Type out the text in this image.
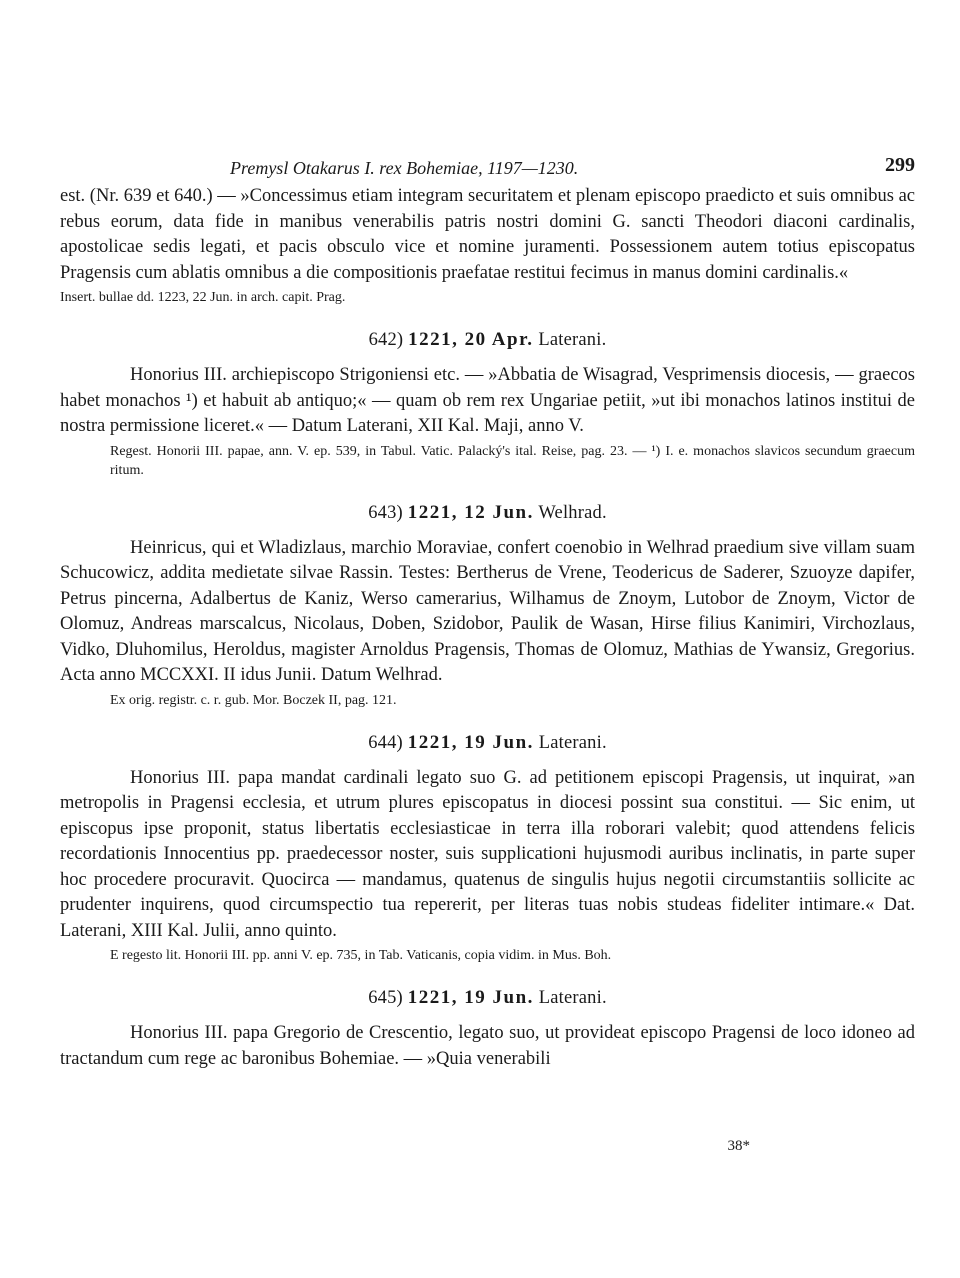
Premysl Otakarus I. rex Bohemiae, 1197—1230.	299

est. (Nr. 639 et 640.) — »Concessimus etiam integram securitatem et plenam episcopo praedicto et suis omnibus ac rebus eorum, data fide in manibus venerabilis patris nostri domini G. sancti Theodori diaconi cardinalis, apostolicae sedis legati, et pacis obsculo vice et nomine juramenti. Possessionem autem totius episcopatus Pragensis cum ablatis omnibus a die compositionis praefatae restitui fecimus in manus domini cardinalis.«

Insert. bullae dd. 1223, 22 Jun. in arch. capit. Prag.

642) 1221, 20 Apr. Laterani.

Honorius III. archiepiscopo Strigoniensi etc. — »Abbatia de Wisagrad, Vesprimensis diocesis, — graecos habet monachos ¹) et habuit ab antiquo;« — quam ob rem rex Ungariae petiit, »ut ibi monachos latinos institui de nostra permissione liceret.« — Datum Laterani, XII Kal. Maji, anno V.

Regest. Honorii III. papae, ann. V. ep. 539, in Tabul. Vatic. Palacký's ital. Reise, pag. 23. — ¹) I. e. monachos slavicos secundum graecum ritum.

643) 1221, 12 Jun. Welhrad.

Heinricus, qui et Wladizlaus, marchio Moraviae, confert coenobio in Welhrad praedium sive villam suam Schucowicz, addita medietate silvae Rassin. Testes: Bertherus de Vrene, Teodericus de Saderer, Szuoyze dapifer, Petrus pincerna, Adalbertus de Kaniz, Werso camerarius, Wilhamus de Znoym, Lutobor de Znoym, Victor de Olomuz, Andreas marscalcus, Nicolaus, Doben, Szidobor, Paulik de Wasan, Hirse filius Kanimiri, Virchozlaus, Vidko, Dluhomilus, Heroldus, magister Arnoldus Pragensis, Thomas de Olomuz, Mathias de Ywansiz, Gregorius. Acta anno MCCXXI. II idus Junii. Datum Welhrad.

Ex orig. registr. c. r. gub. Mor. Boczek II, pag. 121.

644) 1221, 19 Jun. Laterani.

Honorius III. papa mandat cardinali legato suo G. ad petitionem episcopi Pragensis, ut inquirat, »an metropolis in Pragensi ecclesia, et utrum plures episcopatus in diocesi possint sua constitui. — Sic enim, ut episcopus ipse proponit, status libertatis ecclesiasticae in terra illa roborari valebit; quod attendens felicis recordationis Innocentius pp. praedecessor noster, suis supplicationi hujusmodi auribus inclinatis, in parte super hoc procedere procuravit. Quocirca — mandamus, quatenus de singulis hujus negotii circumstantiis sollicite ac prudenter inquirens, quod circumspectio tua repererit, per literas tuas nobis studeas fideliter intimare.« Dat. Laterani, XIII Kal. Julii, anno quinto.

E regesto lit. Honorii III. pp. anni V. ep. 735, in Tab. Vaticanis, copia vidim. in Mus. Boh.

645) 1221, 19 Jun. Laterani.

Honorius III. papa Gregorio de Crescentio, legato suo, ut provideat episcopo Pragensi de loco idoneo ad tractandum cum rege ac baronibus Bohemiae. — »Quia venerabili

38*
